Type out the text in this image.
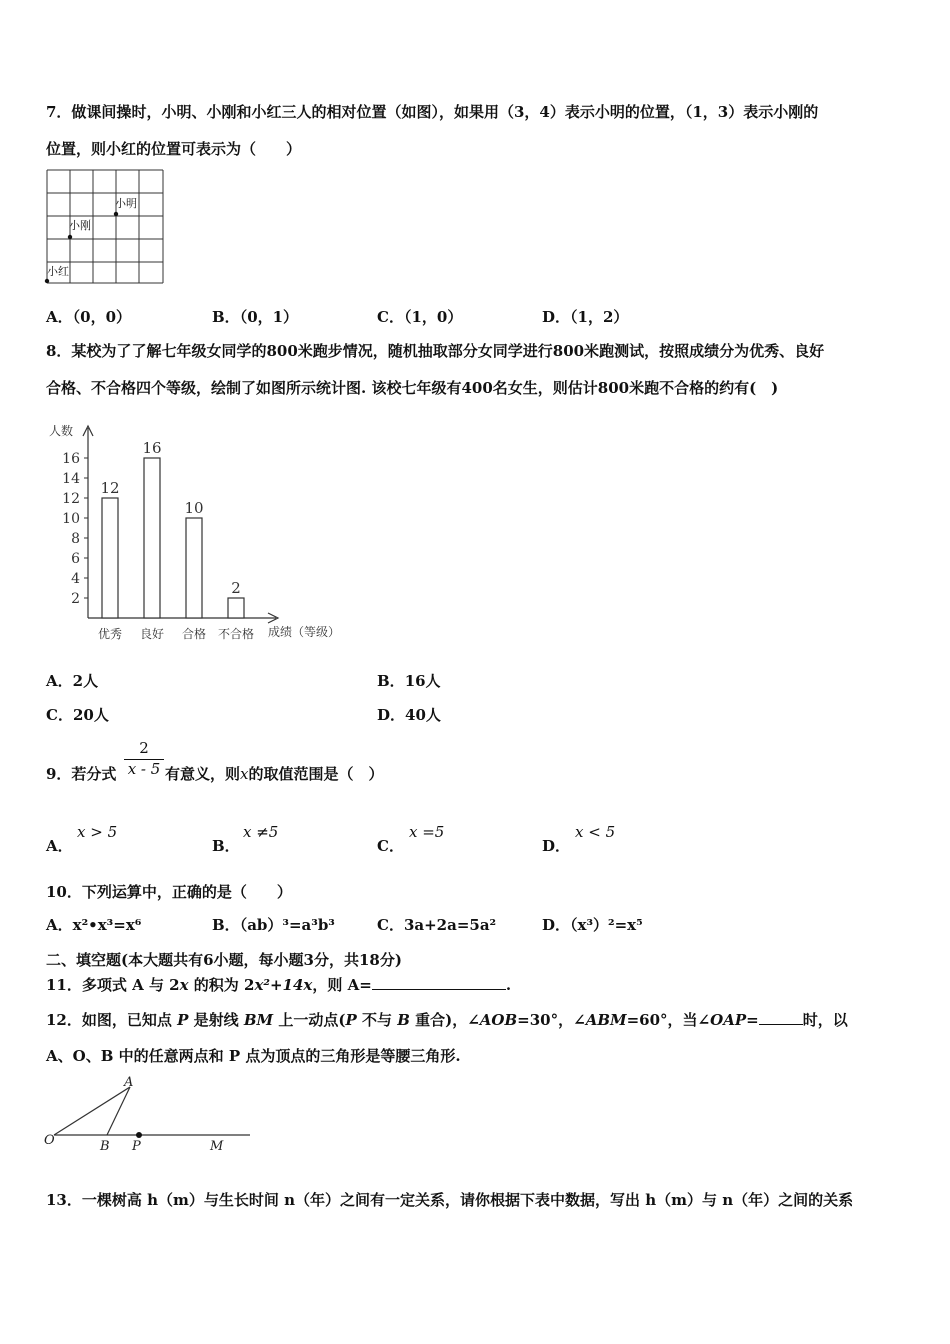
7．做课间操时，小明、小刚和小红三人的相对位置（如图），如果用（3，4）表示小明的位置，（1，3）表示小刚的
位置，则小红的位置可表示为（　　）
小明
小刚
小红
A．（0，0）	B．（0，1）	C．（1，0）	D．（1，2）
8．某校为了了解七年级女同学的800米跑步情况，随机抽取部分女同学进行800米跑测试，按照成绩分为优秀、良好
合格、不合格四个等级，绘制了如图所示统计图. 该校七年级有400名女生，则估计800米跑不合格的约有(　)
人数
成绩（等级）
2
4
6
8
10
12
14
16
12
优秀
16
良好
10
合格
2
不合格
A．2人	B．16人
C．20人	D．40人
9．若分式
2
x - 5 有意义，则x的取值范围是（　）
A．
x > 5
B．
x ≠5
C．
x =5
D．
x < 5
10．下列运算中，正确的是（　　）
A．x²•x³=x⁶	B．（ab）³=a³b³	C．3a+2a=5a²	D．（x³）²=x⁵
二、填空题(本大题共有6小题，每小题3分，共18分)
11．多项式 A 与 2x 的积为 2x²+14x，则 A=	.
12．如图，已知点 P 是射线 BM 上一动点(P 不与 B 重合)，∠AOB=30°，∠ABM=60°，当∠OAP=	时，以
A、O、B 中的任意两点和 P 点为顶点的三角形是等腰三角形.
A
O	B P	M
13．一棵树高 h（m）与生长时间 n（年）之间有一定关系，请你根据下表中数据，写出 h（m）与 n（年）之间的关系
